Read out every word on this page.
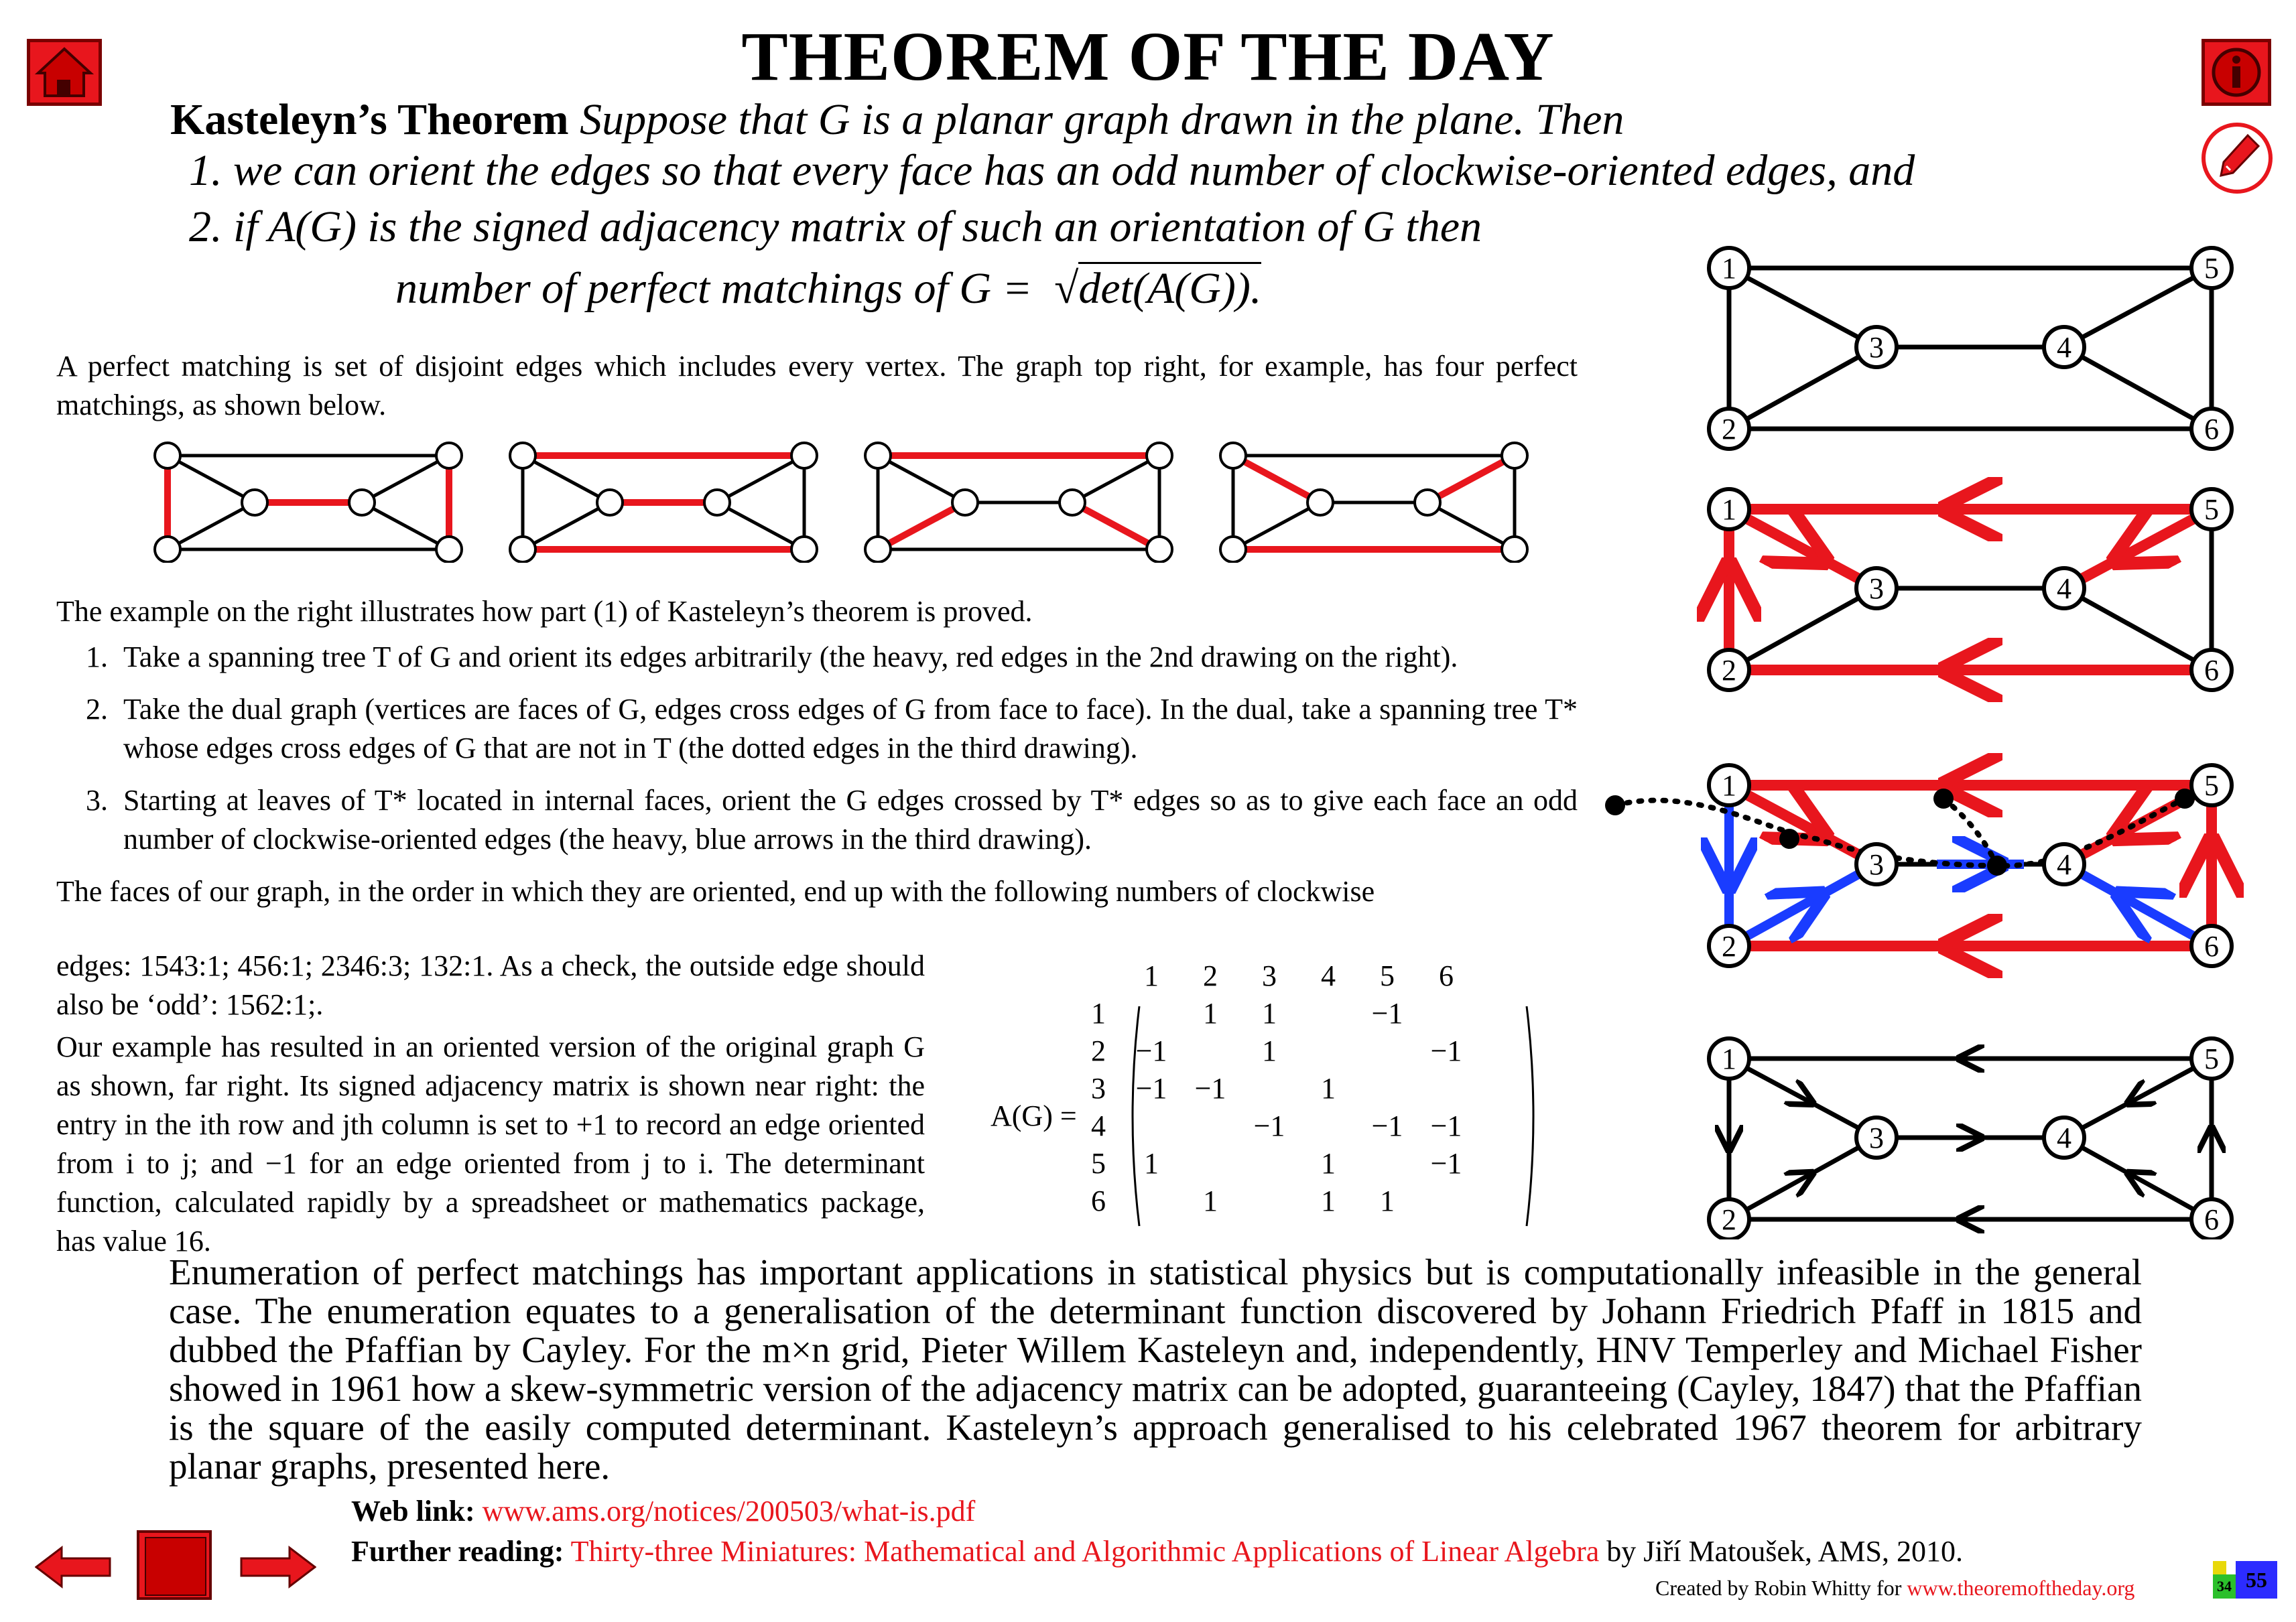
THEOREM OF THE DAY
Kasteleyn’s Theorem Suppose that G is a planar graph drawn in the plane. Then
1. we can orient the edges so that every face has an odd number of clockwise-oriented edges, and
2. if A(G) is the signed adjacency matrix of such an orientation of G then
number of perfect matchings of G =  √det(A(G)).
A perfect matching is set of disjoint edges which includes every vertex. The graph top right, for example, has four perfect matchings, as shown below.

The example on the right illustrates how part (1) of Kasteleyn’s theorem is proved.

1. Take a spanning tree T of G and orient its edges arbitrarily (the heavy, red edges in the 2nd drawing on the right).
2. Take the dual graph (vertices are faces of G, edges cross edges of G from face to face). In the dual, take a spanning tree T* whose edges cross edges of G that are not in T (the dotted edges in the third drawing).
3. Starting at leaves of T* located in internal faces, orient the G edges crossed by T* edges so as to give each face an odd number of clockwise-oriented edges (the heavy, blue arrows in the third drawing).

The faces of our graph, in the order in which they are oriented, end up with the following numbers of clockwise

edges: 1543:1; 456:1; 2346:3; 132:1. As a check, the outside edge should also be ‘odd’: 1562:1;.
Our example has resulted in an oriented version of the original graph G as shown, far right. Its signed adjacency matrix is shown near right: the entry in the ith row and jth column is set to +1 to record an edge oriented from i to j; and −1 for an edge oriented from j to i. The determinant function, calculated rapidly by a spreadsheet or mathematics package, has value 16.
A(G) =
	1	2	3	4	5	6
1		1	1		−1	
2	−1		1			−1
3	−1	−1		1		
4			−1		−1	−1
5	1			1		−1
6		1		1	1	
1
2
3	4
5
6
1
2
3	4
5
6
1
2
3	4
5
6
1
2
3	4
5
6
Enumeration of perfect matchings has important applications in statistical physics but is computationally infeasible in the general case. The enumeration equates to a generalisation of the determinant function discovered by Johann Friedrich Pfaff in 1815 and dubbed the Pfaffian by Cayley. For the m×n grid, Pieter Willem Kasteleyn and, independently, HNV Temperley and Michael Fisher showed in 1961 how a skew-symmetric version of the adjacency matrix can be adopted, guaranteeing (Cayley, 1847) that the Pfaffian is the square of the easily computed determinant. Kasteleyn’s approach generalised to his celebrated 1967 theorem for arbitrary planar graphs, presented here.
Web link: www.ams.org/notices/200503/what-is.pdf
Further reading: Thirty-three Miniatures: Mathematical and Algorithmic Applications of Linear Algebra by Jiří Matoušek, AMS, 2010.
Created by Robin Whitty for www.theoremoftheday.org	34 55
